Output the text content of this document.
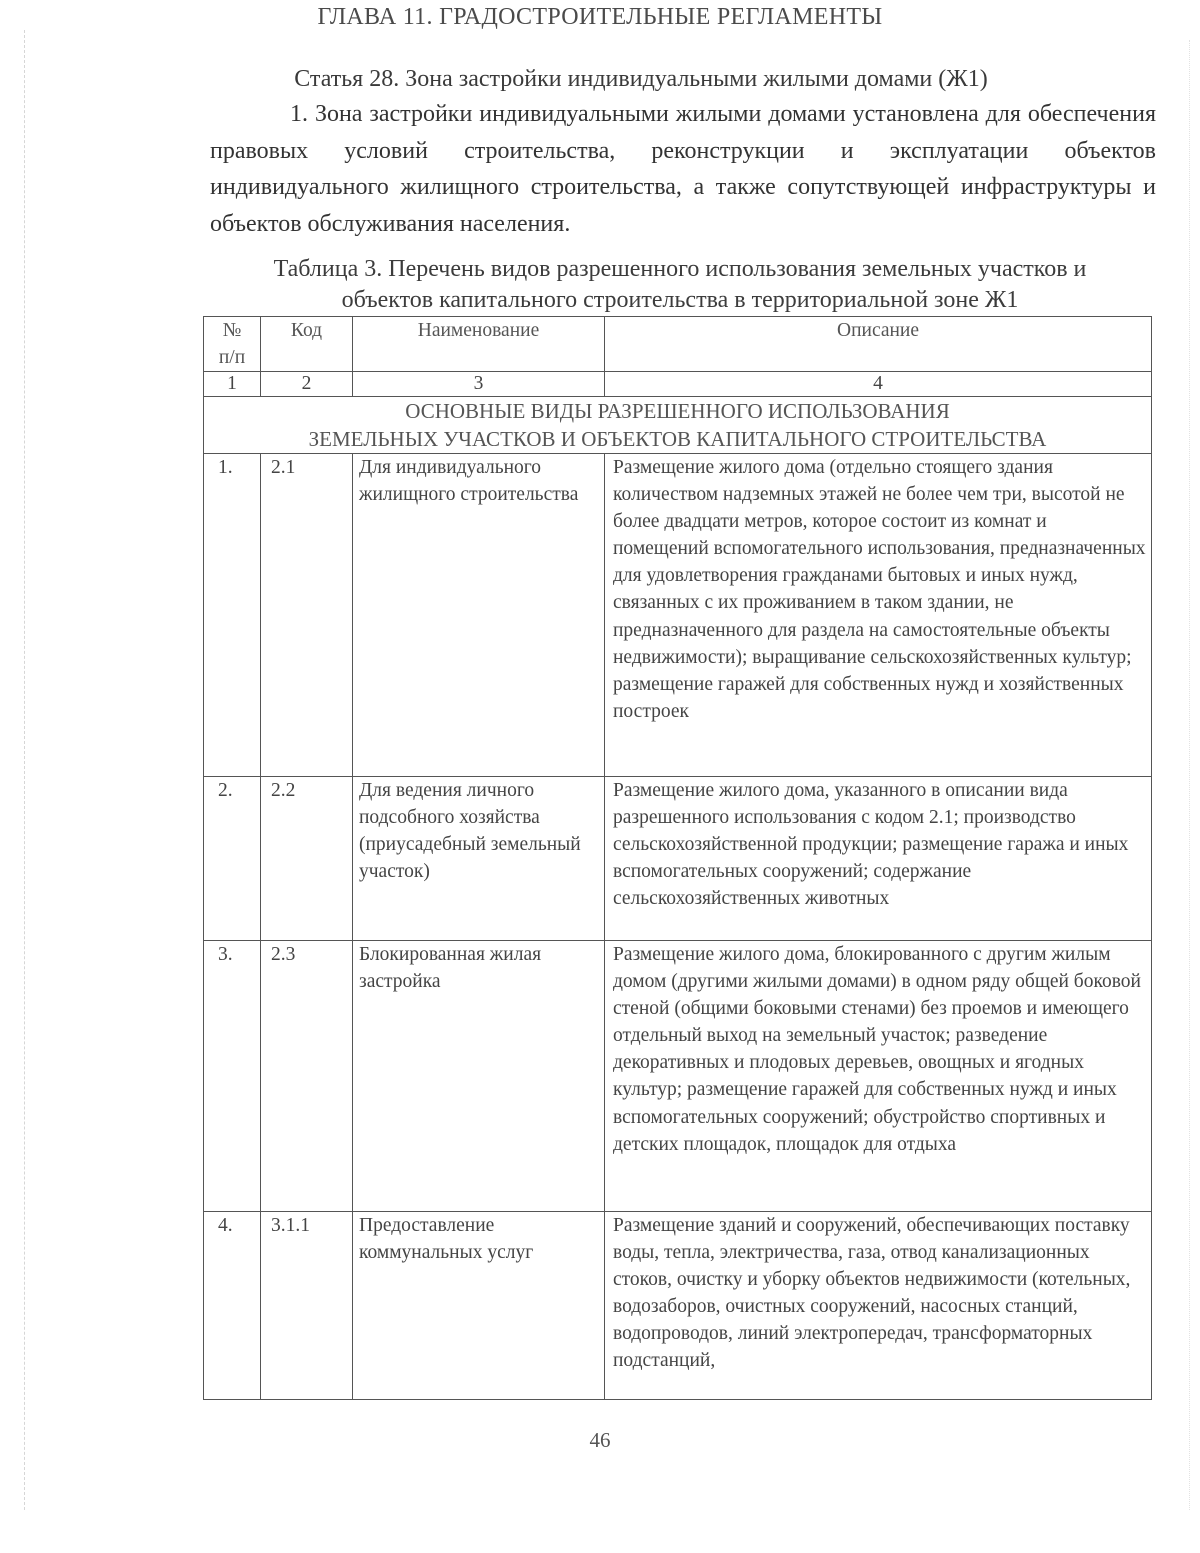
ГЛАВА 11. ГРАДОСТРОИТЕЛЬНЫЕ РЕГЛАМЕНТЫ
Статья 28. Зона застройки индивидуальными жилыми домами (Ж1)
1. Зона застройки индивидуальными жилыми домами установлена для обеспечения правовых условий строительства, реконструкции и эксплуатации объектов индивидуального жилищного строительства, а также сопутствующей инфраструктуры и объектов обслуживания населения.
Таблица 3. Перечень видов разрешенного использования земельных участков и
объектов капитального строительства в территориальной зоне Ж1
№
п/п	Код	Наименование	Описание
1	2	3	4

ОСНОВНЫЕ ВИДЫ РАЗРЕШЕННОГО ИСПОЛЬЗОВАНИЯ
ЗЕМЕЛЬНЫХ УЧАСТКОВ И ОБЪЕКТОВ КАПИТАЛЬНОГО СТРОИТЕЛЬСТВА			

1.	2.1	Для индивидуального жилищного строительства	Размещение жилого дома (отдельно стоящего здания количеством надземных этажей не более чем три, высотой не более двадцати метров, которое состоит из комнат и помещений вспомогательного использования, предназначенных для удовлетворения гражданами бытовых и иных нужд, связанных с их проживанием в таком здании, не предназначенного для раздела на самостоятельные объекты недвижимости); выращивание сельскохозяйственных культур; размещение гаражей для собственных нужд и хозяйственных построек
2.	2.2	Для ведения личного подсобного хозяйства (приусадебный земельный участок)	Размещение жилого дома, указанного в описании вида разрешенного использования с кодом 2.1; производство сельскохозяйственной продукции; размещение гаража и иных вспомогательных сооружений; содержание сельскохозяйственных животных
3.	2.3	Блокированная жилая застройка	Размещение жилого дома, блокированного с другим жилым домом (другими жилыми домами) в одном ряду общей боковой стеной (общими боковыми стенами) без проемов и имеющего отдельный выход на земельный участок; разведение декоративных и плодовых деревьев, овощных и ягодных культур; размещение гаражей для собственных нужд и иных вспомогательных сооружений; обустройство спортивных и детских площадок, площадок для отдыха
4.	3.1.1	Предоставление коммунальных услуг	Размещение зданий и сооружений, обеспечивающих поставку воды, тепла, электричества, газа, отвод канализационных стоков, очистку и уборку объектов недвижимости (котельных, водозаборов, очистных сооружений, насосных станций, водопроводов, линий электропередач, трансформаторных подстанций,
46
